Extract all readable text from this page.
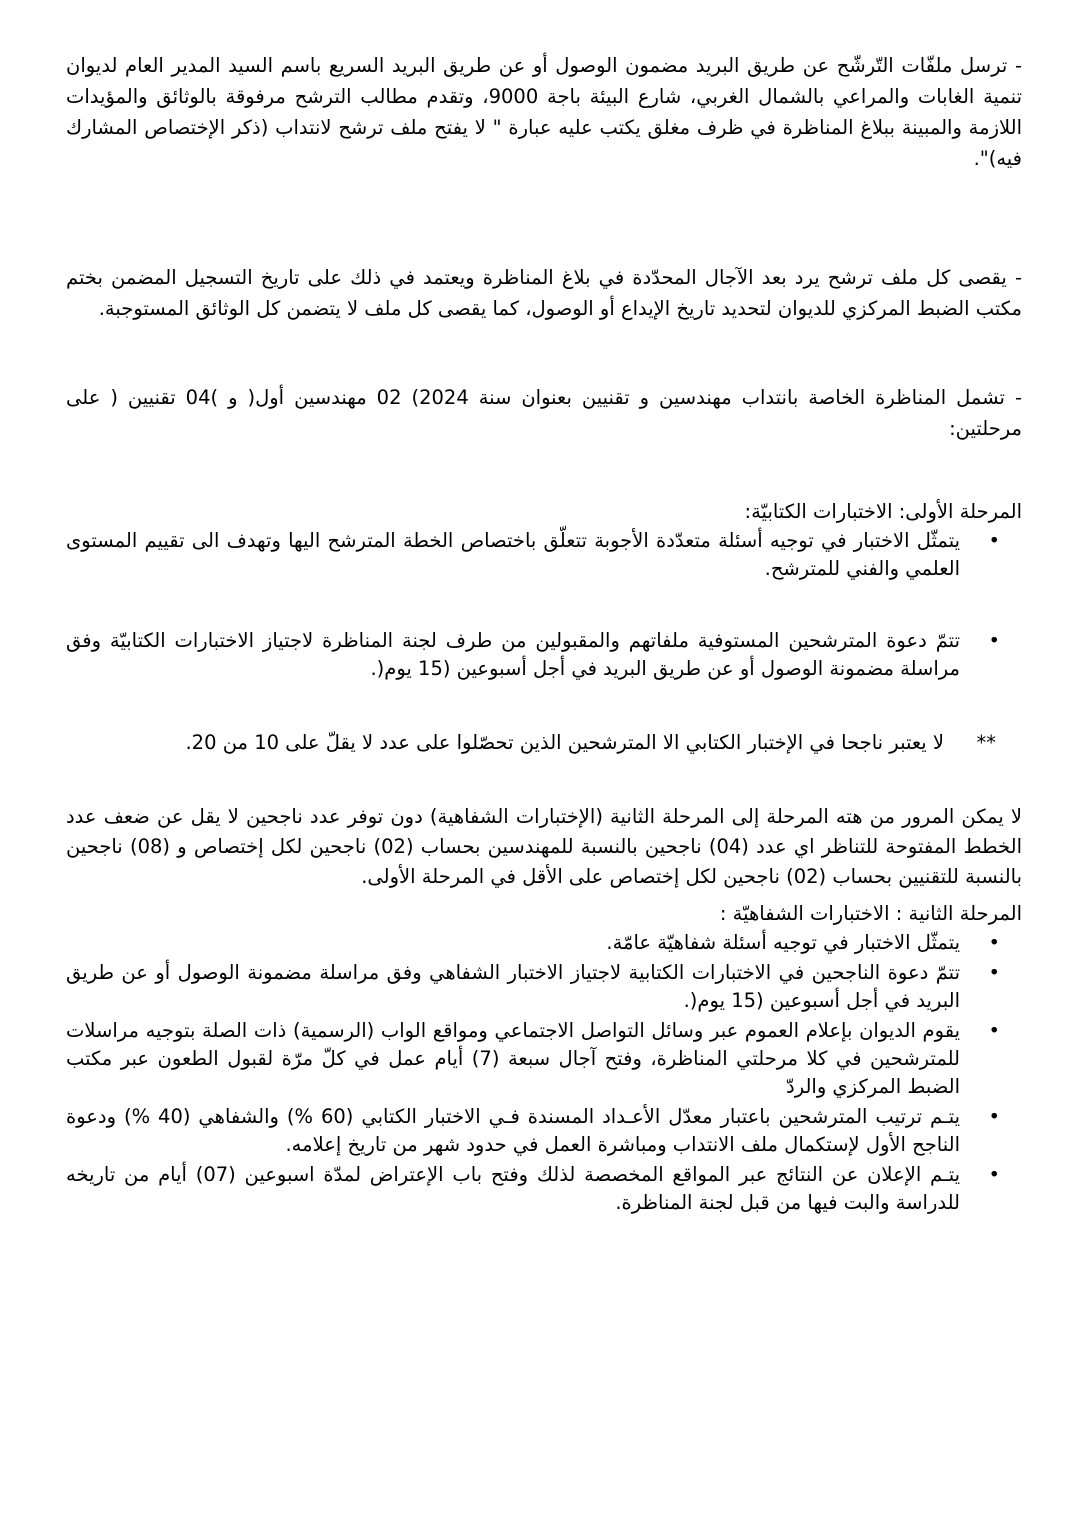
- ترسل ملفّات التّرشّح عن طريق البريد مضمون الوصول أو عن طريق البريد السريع باسم السيد المدير العام لديوان تنمية الغابات والمراعي بالشمال الغربي، شارع البيئة باجة 9000، وتقدم مطالب الترشح مرفوقة بالوثائق والمؤيدات اللازمة والمبينة ببلاغ المناظرة في ظرف مغلق يكتب عليه عبارة " لا يفتح ملف ترشح لانتداب (ذكر الإختصاص المشارك فيه)".

- يقصى كل ملف ترشح يرد بعد الآجال المحدّدة في بلاغ المناظرة ويعتمد في ذلك على تاريخ التسجيل المضمن بختم مكتب الضبط المركزي للديوان لتحديد تاريخ الإيداع أو الوصول، كما يقصى كل ملف لا يتضمن كل الوثائق المستوجبة.

- تشمل المناظرة الخاصة بانتداب مهندسين و تقنيين بعنوان سنة 2024) 02 مهندسين أول( و )04 تقنيين ( على مرحلتين:

المرحلة الأولى: الاختبارات الكتابيّة:

•
يتمثّل الاختبار في توجيه أسئلة متعدّدة الأجوبة تتعلّق باختصاص الخطة المترشح اليها وتهدف الى تقييم المستوى العلمي والفني للمترشح.
•
تتمّ دعوة المترشحين المستوفية ملفاتهم والمقبولين من طرف لجنة المناظرة لاجتياز الاختبارات الكتابيّة وفق مراسلة مضمونة الوصول أو عن طريق البريد في أجل أسبوعين (15 يوم(.
**
لا يعتبر ناجحا في الإختبار الكتابي الا المترشحين الذين تحصّلوا على عدد لا يقلّ على 10 من 20.

لا يمكن المرور من هته المرحلة إلى المرحلة الثانية (الإختبارات الشفاهية) دون توفر عدد ناجحين لا يقل عن ضعف عدد الخطط المفتوحة للتناظر اي عدد (04) ناجحين بالنسبة للمهندسين بحساب (02) ناجحين لكل إختصاص و (08) ناجحين بالنسبة للتقنيين بحساب (02) ناجحين لكل إختصاص على الأقل في المرحلة الأولى.

المرحلة الثانية : الاختبارات الشفاهيّة :

•
يتمثّل الاختبار في توجيه أسئلة شفاهيّة عامّة.
•
تتمّ دعوة الناجحين في الاختبارات الكتابية لاجتياز الاختبار الشفاهي وفق مراسلة مضمونة الوصول أو عن طريق البريد في أجل أسبوعين (15 يوم(.
•
يقوم الديوان بإعلام العموم عبر وسائل التواصل الاجتماعي ومواقع الواب (الرسمية) ذات الصلة بتوجيه مراسلات للمترشحين في كلا مرحلتي المناظرة، وفتح آجال سبعة (7) أيام عمل في كلّ مرّة لقبول الطعون عبر مكتب الضبط المركزي والردّ
•
يتـم ترتيب المترشحين باعتبار معدّل الأعـداد المسندة فـي الاختبار الكتابي (60 %) والشفاهي (40 %) ودعوة الناجح الأول لإستكمال ملف الانتداب ومباشرة العمل في حدود شهر من تاريخ إعلامه.
•
يتـم الإعلان عن النتائج عبر المواقع المخصصة لذلك وفتح باب الإعتراض لمدّة اسبوعين (07) أيام من تاريخه للدراسة والبت فيها من قبل لجنة المناظرة.
